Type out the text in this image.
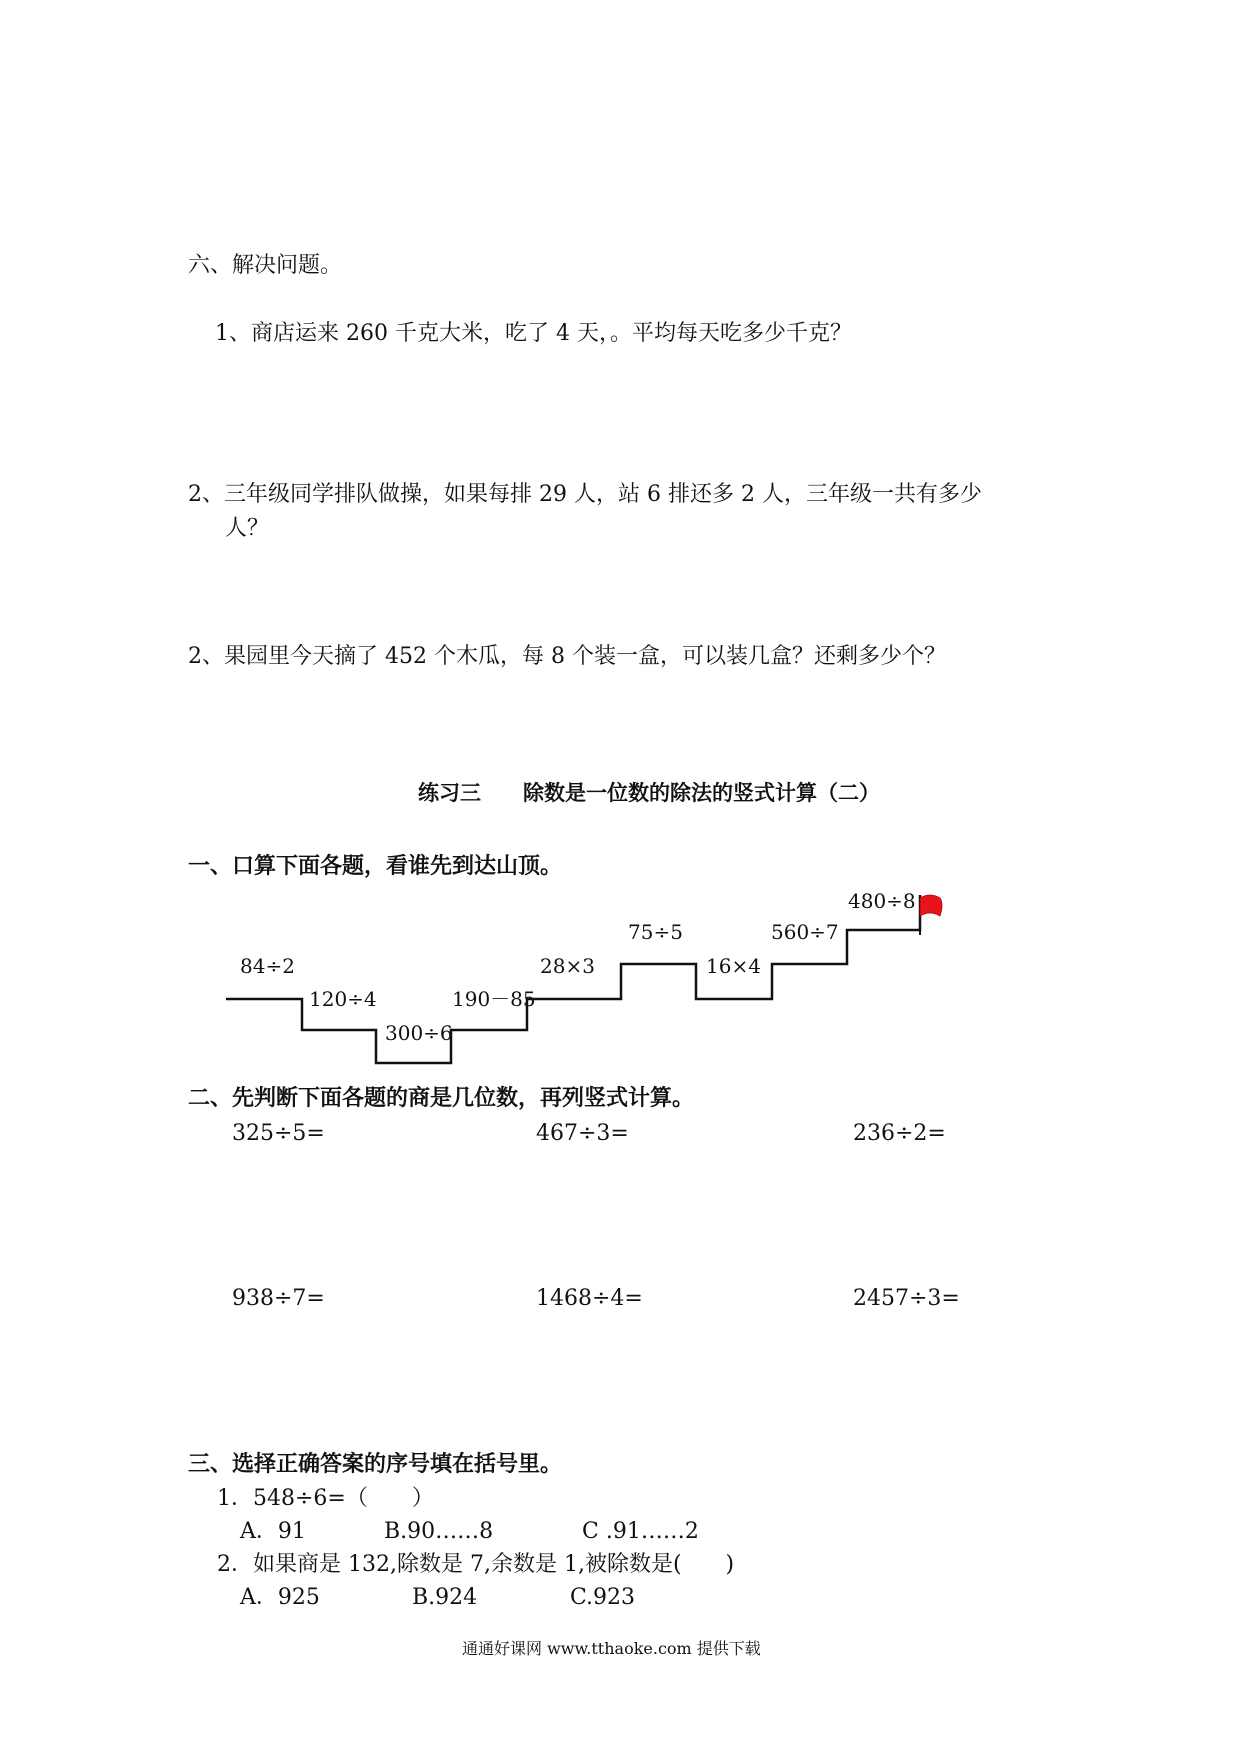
六、解决问题。
1、商店运来 260 千克大米，吃了 4 天，。平均每天吃多少千克？
2、三年级同学排队做操，如果每排 29 人，站 6 排还多 2 人，三年级一共有多少
人？
2、果园里今天摘了 452 个木瓜，每 8 个装一盒，可以装几盒？还剩多少个？
练习三　　除数是一位数的除法的竖式计算（二）
一、口算下面各题，看谁先到达山顶。
84÷2
120÷4
300÷6
190－85
28×3
75÷5
16×4
560÷7
480÷8
二、先判断下面各题的商是几位数，再列竖式计算。
325÷5=	467÷3=	236÷2=
938÷7=	1468÷4=	2457÷3=
三、选择正确答案的序号填在括号里。
1．548÷6=（　　）
A．91	B.90……8	C .91……2
2．如果商是 132,除数是 7,余数是 1,被除数是(　　)
A．925	B.924	C.923
通通好课网 www.tthaoke.com 提供下载
